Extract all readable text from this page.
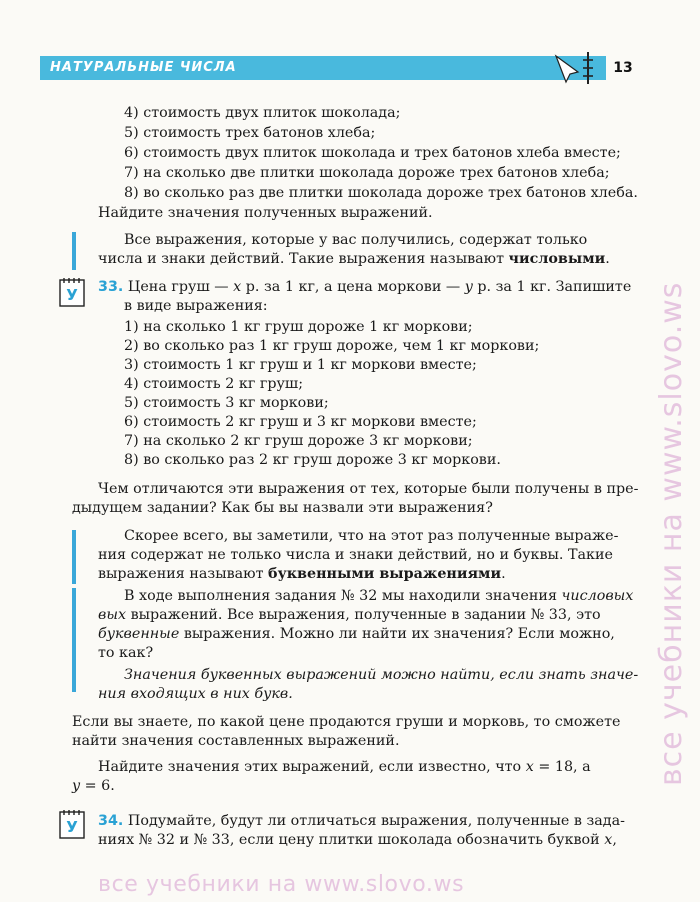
НАТУРАЛЬНЫЕ ЧИСЛА	13
У
У
4) стоимость двух плиток шоколада;
5) стоимость трех батонов хлеба;
6) стоимость двух плиток шоколада и трех батонов хлеба вместе;
7) на сколько две плитки шоколада дороже трех батонов хлеба;
8) во сколько раз две плитки шоколада дороже трех батонов хлеба.
Найдите значения полученных выражений.
Все выражения, которые у вас получились, содержат только
числа и знаки действий. Такие выражения называют числовыми.
33. Цена груш — x р. за 1 кг, а цена моркови — y р. за 1 кг. Запишите
в виде выражения:
1) на сколько 1 кг груш дороже 1 кг моркови;
2) во сколько раз 1 кг груш дороже, чем 1 кг моркови;
3) стоимость 1 кг груш и 1 кг моркови вместе;
4) стоимость 2 кг груш;
5) стоимость 3 кг моркови;
6) стоимость 2 кг груш и 3 кг моркови вместе;
7) на сколько 2 кг груш дороже 3 кг моркови;
8) во сколько раз 2 кг груш дороже 3 кг моркови.
Чем отличаются эти выражения от тех, которые были получены в пре-
дыдущем задании? Как бы вы назвали эти выражения?
Скорее всего, вы заметили, что на этот раз полученные выраже-
ния содержат не только числа и знаки действий, но и буквы. Такие
выражения называют буквенными выражениями.
В ходе выполнения задания № 32 мы находили значения числовых
вых выражений. Все выражения, полученные в задании № 33, это
буквенные выражения. Можно ли найти их значения? Если можно,
то как?
Значения буквенных выражений можно найти, если знать значе-
ния входящих в них букв.
Если вы знаете, по какой цене продаются груши и морковь, то сможете
найти значения составленных выражений.
Найдите значения этих выражений, если известно, что x = 18, а
y = 6.
34. Подумайте, будут ли отличаться выражения, полученные в зада-
ниях № 32 и № 33, если цену плитки шоколада обозначить буквой x,
все учебники на www.slovo.ws
все учебники на www.slovo.ws
